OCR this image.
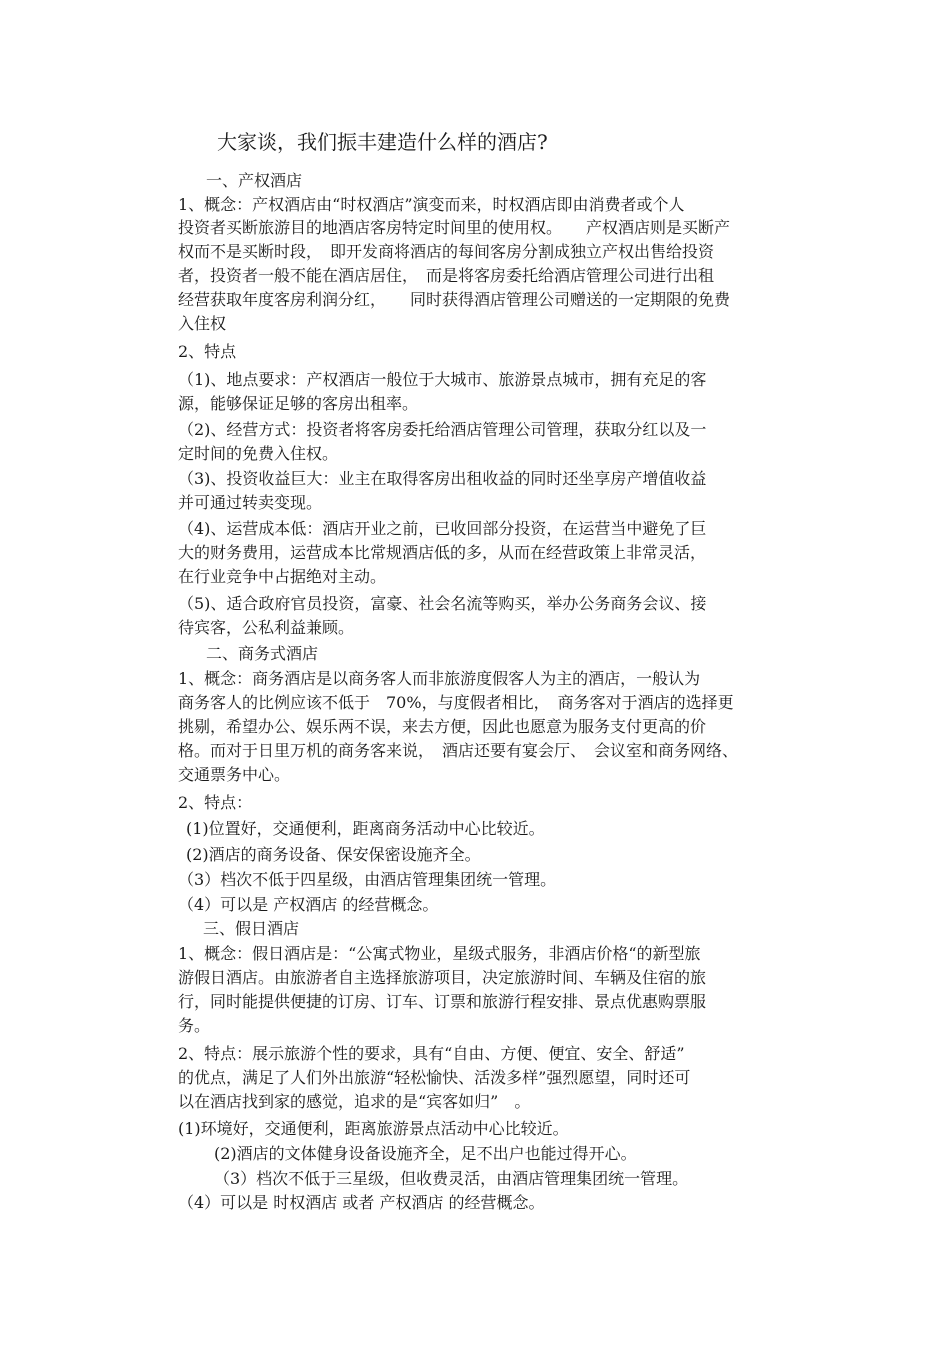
大家谈，我们振丰建造什么样的酒店?
一、产权酒店
1、概念：产权酒店由“时权酒店”演变而来，时权酒店即由消费者或个人
投资者买断旅游目的地酒店客房特定时间里的使用权。　　产权酒店则是买断产
权而不是买断时段，　即开发商将酒店的每间客房分割成独立产权出售给投资
者，投资者一般不能在酒店居住，　而是将客房委托给酒店管理公司进行出租
经营获取年度客房利润分红，　　同时获得酒店管理公司赠送的一定期限的免费
入住权
2、特点
（1)、地点要求：产权酒店一般位于大城市、旅游景点城市，拥有充足的客
源，能够保证足够的客房出租率。
（2)、经营方式：投资者将客房委托给酒店管理公司管理，获取分红以及一
定时间的免费入住权。
（3)、投资收益巨大：业主在取得客房出租收益的同时还坐享房产增值收益
并可通过转卖变现。
（4)、运营成本低：酒店开业之前，已收回部分投资，在运营当中避免了巨
大的财务费用，运营成本比常规酒店低的多，从而在经营政策上非常灵活，
在行业竞争中占据绝对主动。
（5)、适合政府官员投资，富豪、社会名流等购买，举办公务商务会议、接
待宾客，公私利益兼顾。
二、商务式酒店
1、概念：商务酒店是以商务客人而非旅游度假客人为主的酒店，一般认为
商务客人的比例应该不低于　70%，与度假者相比，　商务客对于酒店的选择更
挑剔，希望办公、娱乐两不误，来去方便，因此也愿意为服务支付更高的价
格。而对于日里万机的商务客来说，　酒店还要有宴会厅、　会议室和商务网络、
交通票务中心。
2、特点：
(1)位置好，交通便利，距离商务活动中心比较近。
(2)酒店的商务设备、保安保密设施齐全。
（3）档次不低于四星级，由酒店管理集团统一管理。
（4）可以是 产权酒店 的经营概念。
三、假日酒店
1、概念：假日酒店是：“公寓式物业，星级式服务，非酒店价格“的新型旅
游假日酒店。由旅游者自主选择旅游项目，决定旅游时间、车辆及住宿的旅
行，同时能提供便捷的订房、订车、订票和旅游行程安排、景点优惠购票服
务。
2、特点：展示旅游个性的要求，具有“自由、方便、便宜、安全、舒适”
的优点，满足了人们外出旅游“轻松愉快、活泼多样”强烈愿望，同时还可
以在酒店找到家的感觉，追求的是“宾客如归”　。
(1)环境好，交通便利，距离旅游景点活动中心比较近。
(2)酒店的文体健身设备设施齐全，足不出户也能过得开心。
（3）档次不低于三星级，但收费灵活，由酒店管理集团统一管理。
（4）可以是 时权酒店 或者 产权酒店 的经营概念。
